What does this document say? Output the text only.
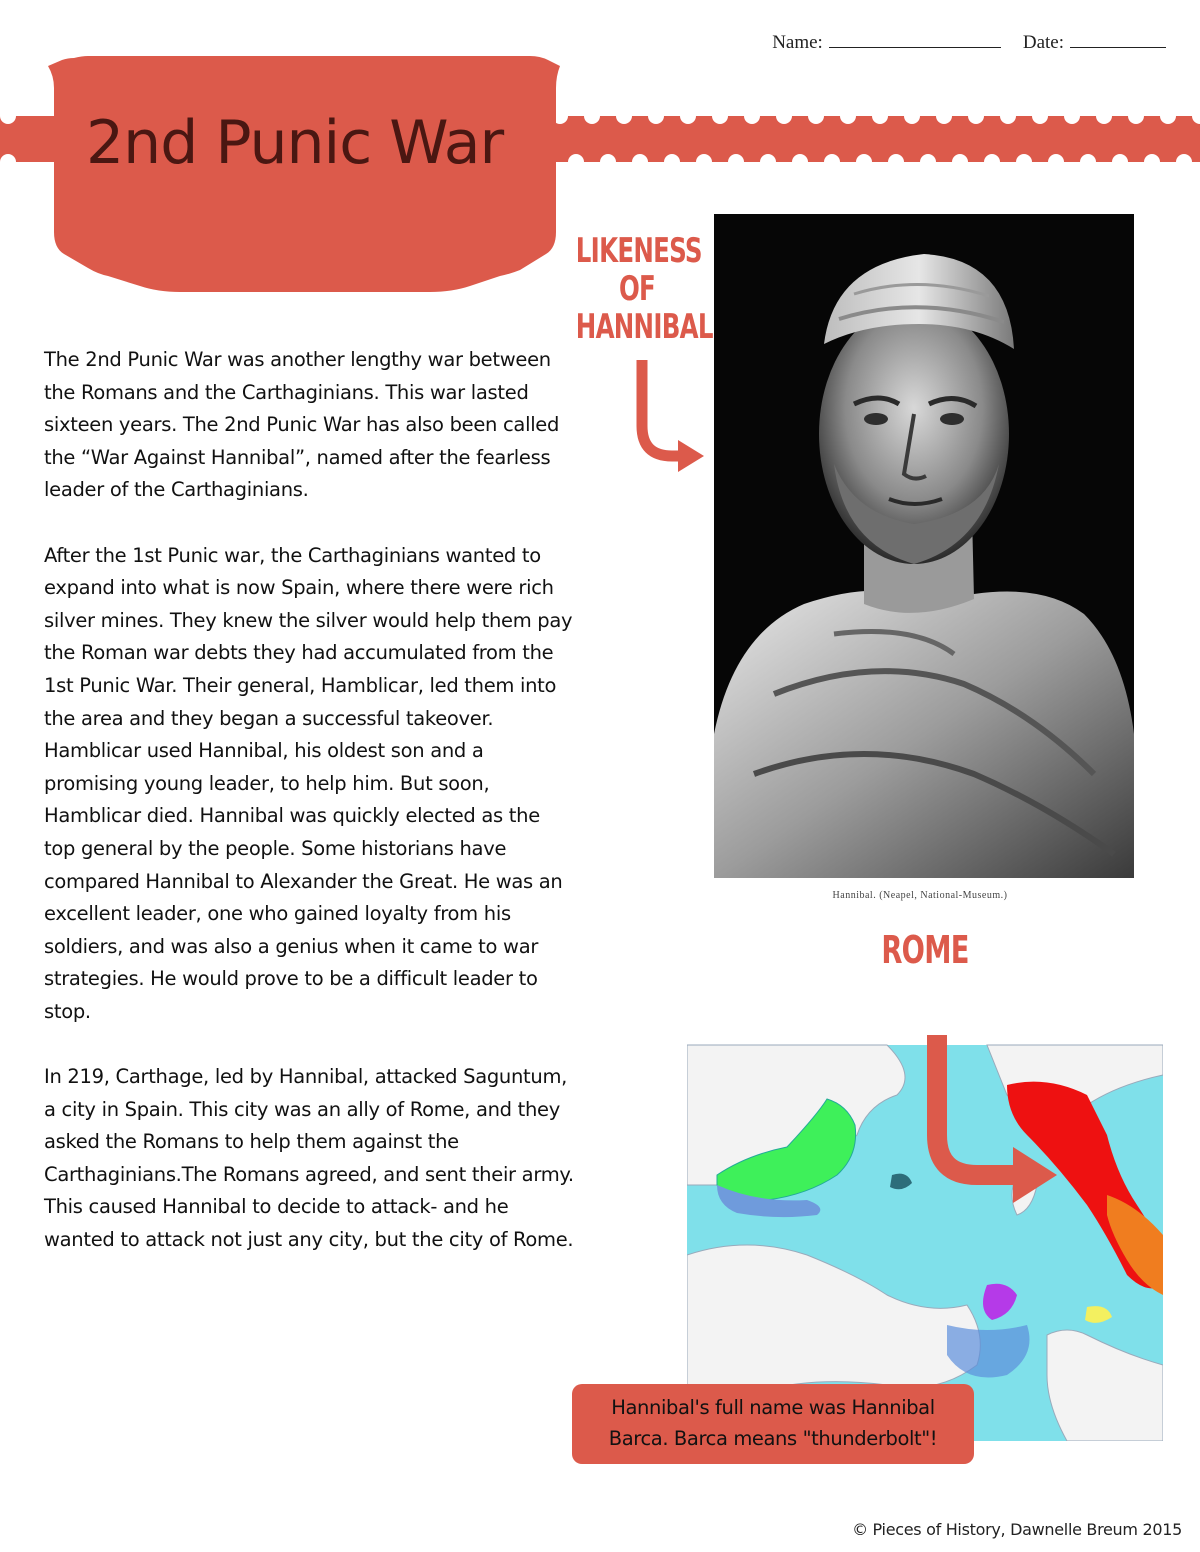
2nd Punic War
Name:	Date:

The 2nd Punic War was another lengthy war between the Romans and the Carthaginians. This war lasted sixteen years. The 2nd Punic War has also been called the “War Against Hannibal”, named after the fearless leader of the Carthaginians.

After the 1st Punic war, the Carthaginians wanted to expand into what is now Spain, where there were rich silver mines. They knew the silver would help them pay the Roman war debts they had accumulated from the 1st Punic War. Their general, Hamblicar, led them into the area and they began a successful takeover. Hamblicar used Hannibal, his oldest son and a promising young leader, to help him. But soon, Hamblicar died. Hannibal was quickly elected as the top general by the people. Some historians have compared Hannibal to Alexander the Great. He was an excellent leader, one who gained loyalty from his soldiers, and was also a genius when it came to war strategies. He would prove to be a difficult leader to stop.

In 219, Carthage, led by Hannibal, attacked Saguntum, a city in Spain. This city was an ally of Rome, and they asked the Romans to help them against the Carthaginians.The Romans agreed, and sent their army. This caused Hannibal to decide to attack- and he wanted to attack not just any city, but the city of Rome.

LIKENESS
OF
HANNIBAL
Hannibal. (Neapel, National-Museum.)
ROME
Hannibal's full name was Hannibal
Barca. Barca means "thunderbolt"!
© Pieces of History, Dawnelle Breum 2015
